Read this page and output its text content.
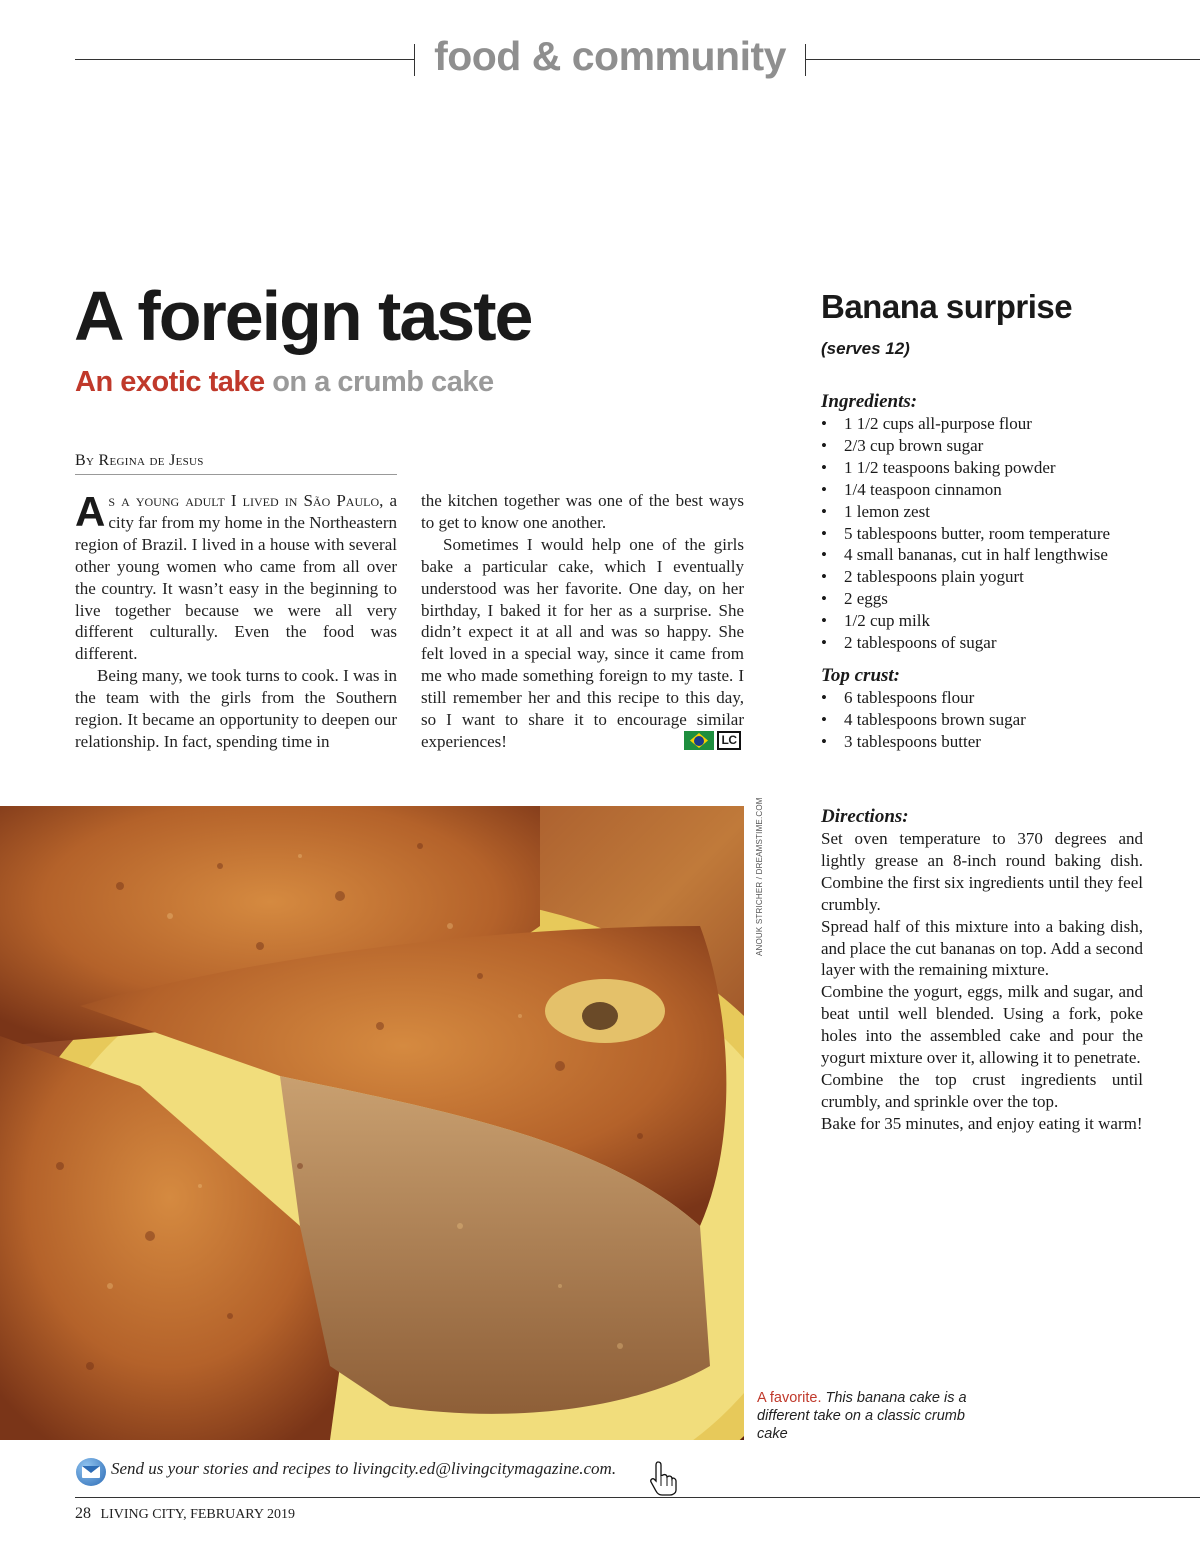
food & community
A foreign taste
An exotic take on a crumb cake
By Regina de Jesus

As a young adult I lived in São Paulo, a city far from my home in the Northeastern region of Brazil. I lived in a house with several other young women who came from all over the country. It wasn’t easy in the beginning to live together because we were all very different culturally. Even the food was different.

Being many, we took turns to cook. I was in the team with the girls from the Southern region. It became an opportunity to deepen our relationship. In fact, spending time in

the kitchen together was one of the best ways to get to know one another.

Sometimes I would help one of the girls bake a particular cake, which I eventually understood was her favorite. One day, on her birthday, I baked it for her as a surprise. She didn’t expect it at all and was so happy. She felt loved in a special way, since it came from me who made something foreign to my taste. I still remember her and this recipe to this day, so I want to share it to encourage similar experiences!	LC
Banana surprise
(serves 12)
Ingredients:
• 1 1/2 cups all-purpose flour
• 2/3 cup brown sugar
• 1 1/2 teaspoons baking powder
• 1/4 teaspoon cinnamon
• 1 lemon zest
• 5 tablespoons butter, room temperature
• 4 small bananas, cut in half lengthwise
• 2 tablespoons plain yogurt
• 2 eggs
• 1/2 cup milk
• 2 tablespoons of sugar
Top crust:
• 6 tablespoons flour
• 4 tablespoons brown sugar
• 3 tablespoons butter
Directions:

Set oven temperature to 370 degrees and lightly grease an 8-inch round baking dish. Combine the first six ingredients until they feel crumbly.

Spread half of this mixture into a baking dish, and place the cut bananas on top. Add a second layer with the remaining mixture.

Combine the yogurt, eggs, milk and sugar, and beat until well blended. Using a fork, poke holes into the assembled cake and pour the yogurt mixture over it, allowing it to penetrate.

Combine the top crust ingredients until crumbly, and sprinkle over the top.

Bake for 35 minutes, and enjoy eating it warm!

ANOUK STRICHER / DREAMSTIME.COM
A favorite. This banana cake is a different take on a classic crumb cake
Send us your stories and recipes to livingcity.ed@livingcitymagazine.com.
28 LIVING CITY, FEBRUARY 2019
